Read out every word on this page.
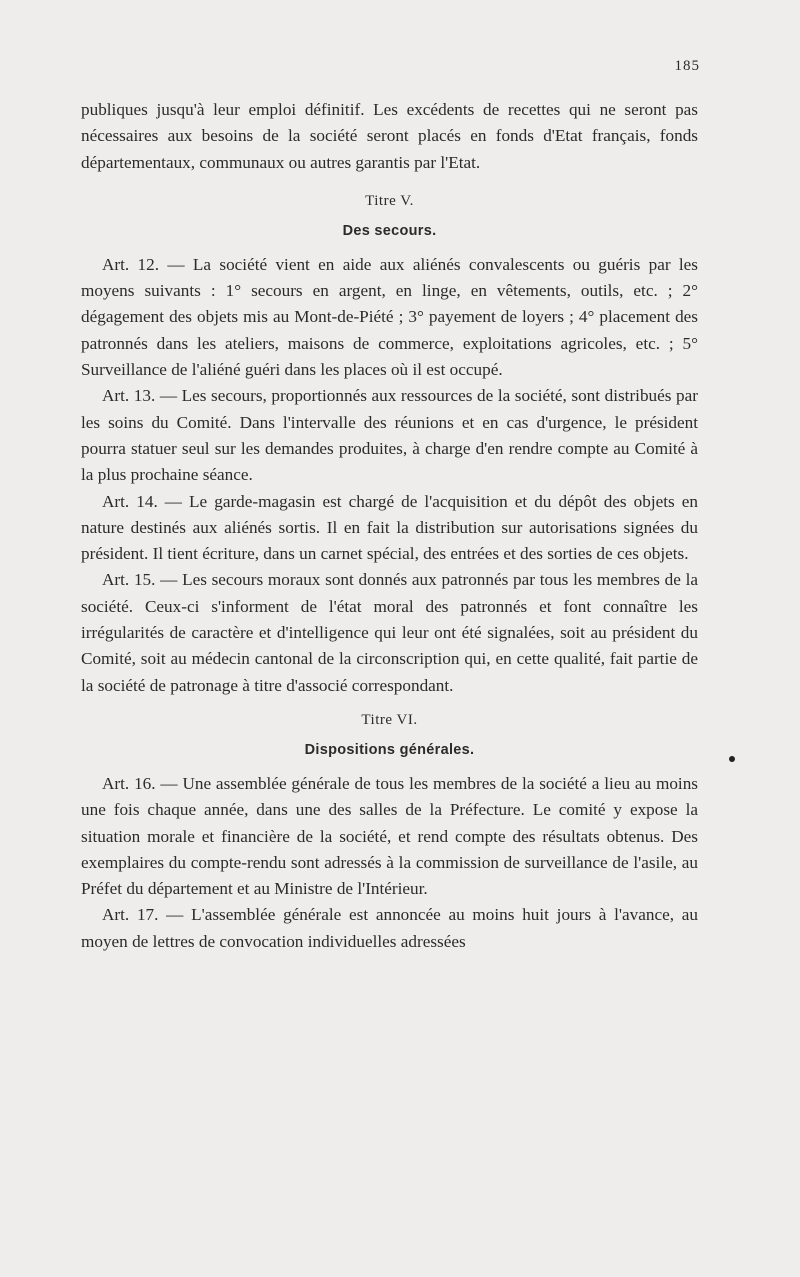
185

publiques jusqu'à leur emploi définitif. Les excédents de recettes qui ne seront pas nécessaires aux besoins de la société seront placés en fonds d'Etat français, fonds départementaux, communaux ou autres garantis par l'Etat.

Titre V.
Des secours.

Art. 12. — La société vient en aide aux aliénés convalescents ou guéris par les moyens suivants : 1° secours en argent, en linge, en vêtements, outils, etc. ; 2° dégagement des objets mis au Mont-de-Piété ; 3° payement de loyers ; 4° placement des patronnés dans les ateliers, maisons de commerce, exploitations agricoles, etc. ; 5° Surveillance de l'aliéné guéri dans les places où il est occupé.

Art. 13. — Les secours, proportionnés aux ressources de la société, sont distribués par les soins du Comité. Dans l'intervalle des réunions et en cas d'urgence, le président pourra statuer seul sur les demandes produites, à charge d'en rendre compte au Comité à la plus prochaine séance.

Art. 14. — Le garde-magasin est chargé de l'acquisition et du dépôt des objets en nature destinés aux aliénés sortis. Il en fait la distribution sur autorisations signées du président. Il tient écriture, dans un carnet spécial, des entrées et des sorties de ces objets.

Art. 15. — Les secours moraux sont donnés aux patronnés par tous les membres de la société. Ceux-ci s'informent de l'état moral des patronnés et font connaître les irrégularités de caractère et d'intelligence qui leur ont été signalées, soit au président du Comité, soit au médecin cantonal de la circonscription qui, en cette qualité, fait partie de la société de patronage à titre d'associé correspondant.

Titre VI.
Dispositions générales.

Art. 16. — Une assemblée générale de tous les membres de la société a lieu au moins une fois chaque année, dans une des salles de la Préfecture. Le comité y expose la situation morale et financière de la société, et rend compte des résultats obtenus. Des exemplaires du compte-rendu sont adressés à la commission de surveillance de l'asile, au Préfet du département et au Ministre de l'Intérieur.

Art. 17. — L'assemblée générale est annoncée au moins huit jours à l'avance, au moyen de lettres de convocation individuelles adressées
